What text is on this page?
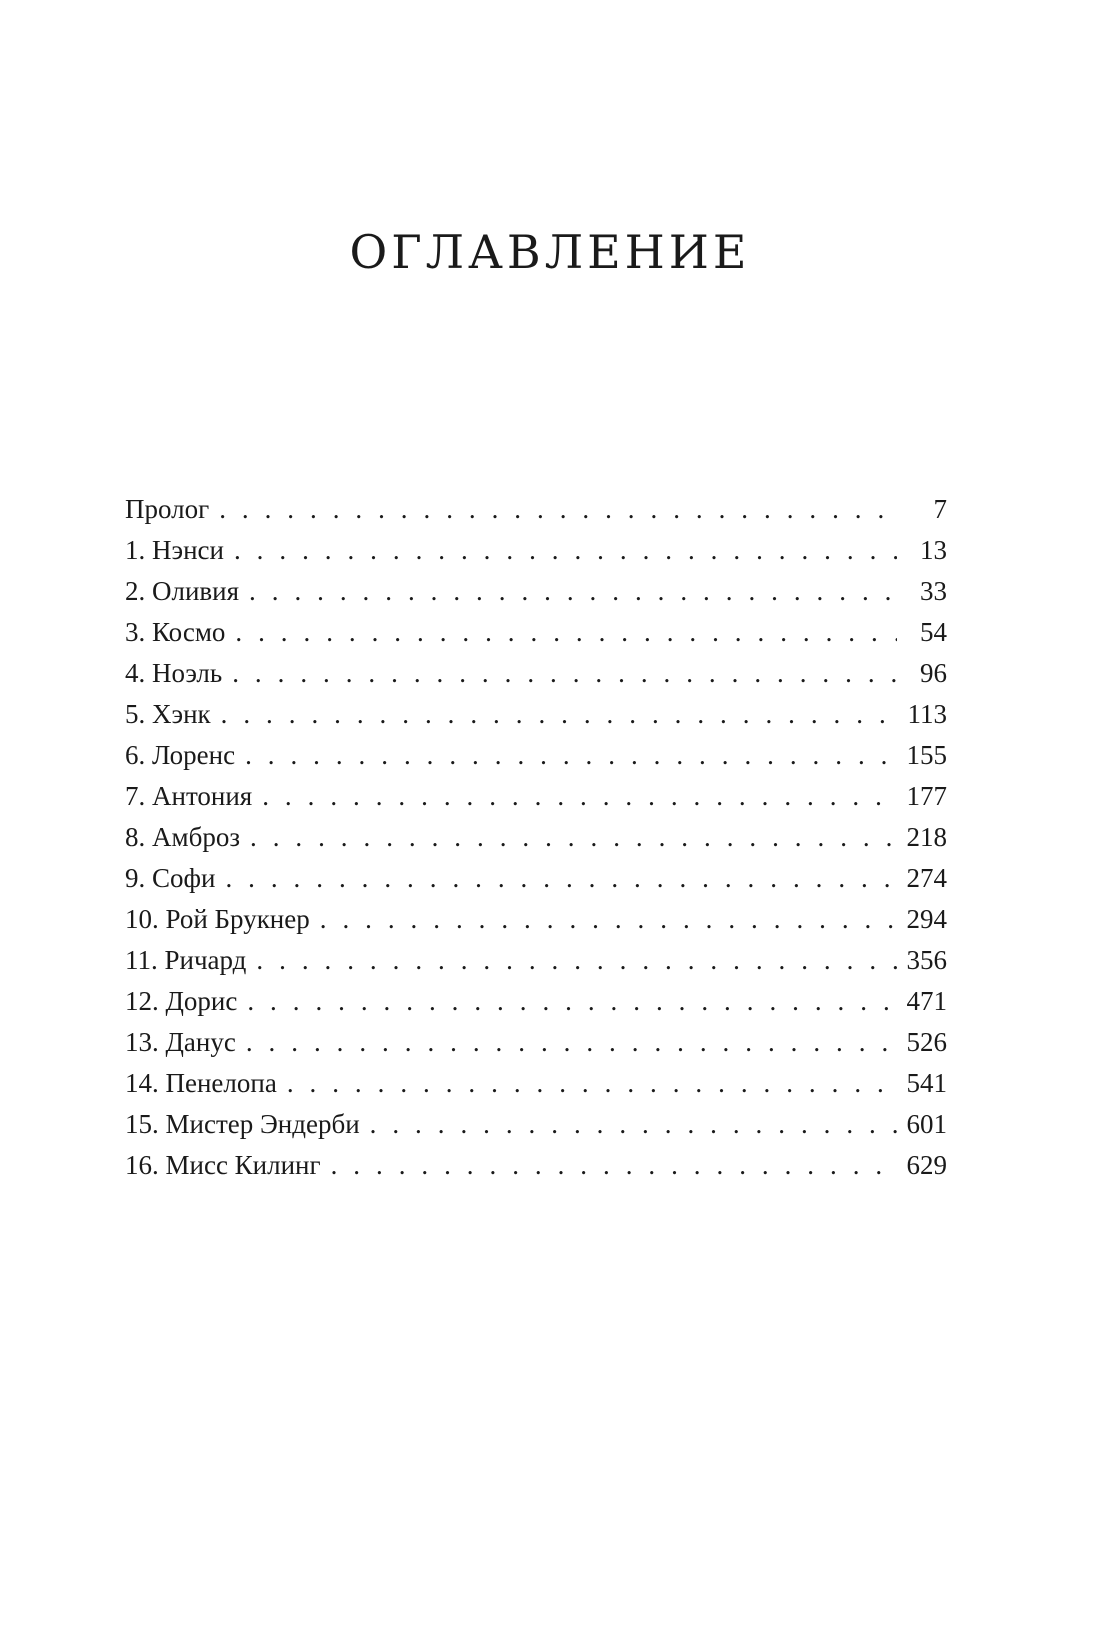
ОГЛАВЛЕНИЕ
Пролог . . .	7
1. Нэнси . . .	13
2. Оливия . . .	33
3. Космо . . .	54
4. Ноэль . . .	96
5. Хэнк . . .	113
6. Лоренс . . .	155
7. Антония . . .	177
8. Амброз . . .	218
9. Софи . . .	274
10. Рой Брукнер . . .	294
11. Ричард . . .	356
12. Дорис . . .	471
13. Данус . . .	526
14. Пенелопа . . .	541
15. Мистер Эндерби . . .	601
16. Мисс Килинг . . .	629
